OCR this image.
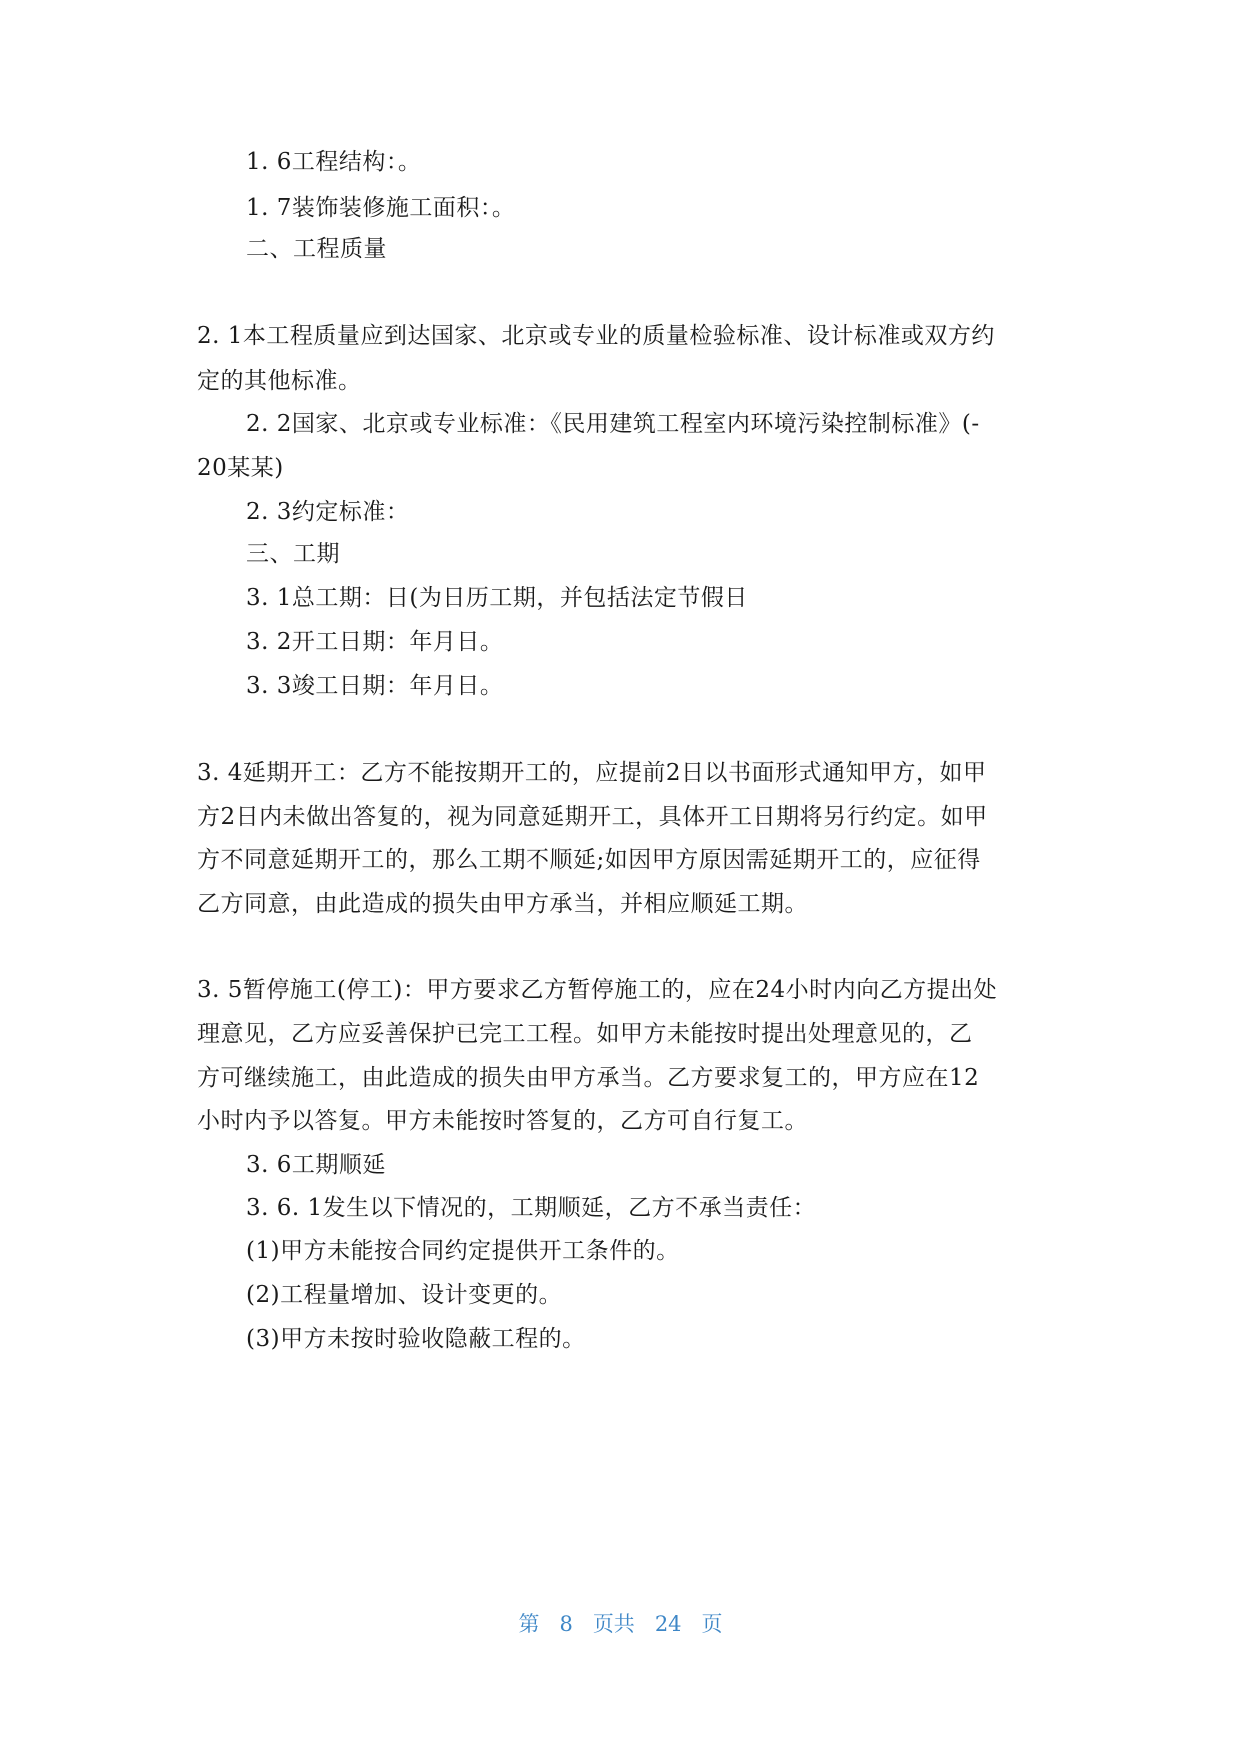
1. 6工程结构：。
1. 7装饰装修施工面积：。
二、工程质量
2. 1本工程质量应到达国家、北京或专业的质量检验标准、设计标准或双方约
定的其他标准。
2. 2国家、北京或专业标准：《民用建筑工程室内环境污染控制标准》(-
20某某)
2. 3约定标准：
三、工期
3. 1总工期：日(为日历工期，并包括法定节假日
3. 2开工日期：年月日。
3. 3竣工日期：年月日。
3. 4延期开工：乙方不能按期开工的，应提前2日以书面形式通知甲方，如甲
方2日内未做出答复的，视为同意延期开工，具体开工日期将另行约定。如甲
方不同意延期开工的，那么工期不顺延;如因甲方原因需延期开工的，应征得
乙方同意，由此造成的损失由甲方承当，并相应顺延工期。
3. 5暂停施工(停工)：甲方要求乙方暂停施工的，应在24小时内向乙方提出处
理意见，乙方应妥善保护已完工工程。如甲方未能按时提出处理意见的，乙
方可继续施工，由此造成的损失由甲方承当。乙方要求复工的，甲方应在12
小时内予以答复。甲方未能按时答复的，乙方可自行复工。
3. 6工期顺延
3. 6. 1发生以下情况的，工期顺延，乙方不承当责任：
(1)甲方未能按合同约定提供开工条件的。
(2)工程量增加、设计变更的。
(3)甲方未按时验收隐蔽工程的。
第 8 页共 24 页
